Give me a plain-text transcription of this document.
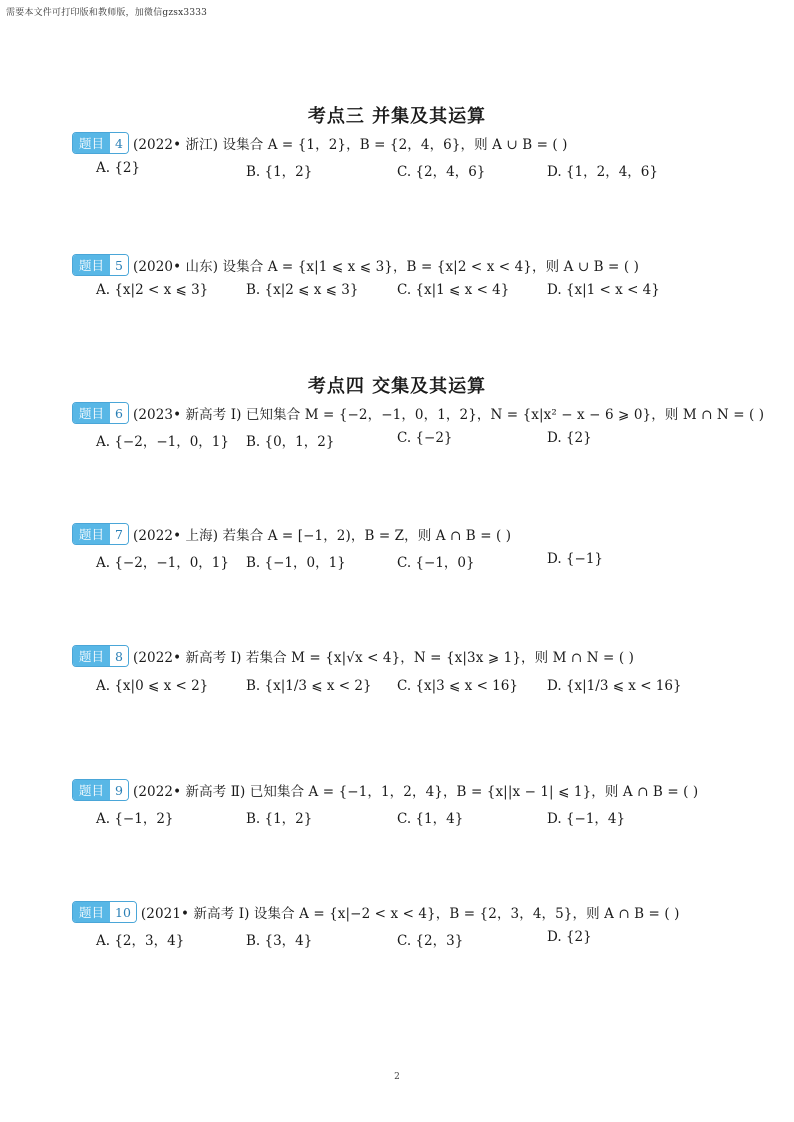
需要本文件可打印版和教师版，加微信gzsx3333
考点三 并集及其运算
题目 4 (2022• 浙江) 设集合 A = {1，2}，B = {2，4，6}，则 A ∪ B = ( )
A. {2}	B. {1，2}	C. {2，4，6}	D. {1，2，4，6}
题目 5 (2020• 山东) 设集合 A = {x|1 ⩽ x ⩽ 3}，B = {x|2 < x < 4}，则 A ∪ B = ( )
A. {x|2 < x ⩽ 3}	B. {x|2 ⩽ x ⩽ 3}	C. {x|1 ⩽ x < 4}	D. {x|1 < x < 4}
考点四 交集及其运算
题目 6 (2023• 新高考 Ⅰ) 已知集合 M = {−2，−1，0，1，2}，N = {x|x² − x − 6 ⩾ 0}，则 M ∩ N = ( )
A. {−2，−1，0，1} B. {0，1，2}	C. {−2}	D. {2}
题目 7 (2022• 上海) 若集合 A = [−1，2)，B = Z，则 A ∩ B = ( )
A. {−2，−1，0，1} B. {−1，0，1}	C. {−1，0}	D. {−1}
题目 8 (2022• 新高考 Ⅰ) 若集合 M = {x|√x < 4}，N = {x|3x ⩾ 1}，则 M ∩ N = ( )
A. {x|0 ⩽ x < 2}	B. {x|1/3 ⩽ x < 2} C. {x|3 ⩽ x < 16} D. {x|1/3 ⩽ x < 16}
题目 9 (2022• 新高考 Ⅱ) 已知集合 A = {−1，1，2，4}，B = {x||x − 1| ⩽ 1}，则 A ∩ B = ( )
A. {−1，2}	B. {1，2}	C. {1，4}	D. {−1，4}
题目 10 (2021• 新高考 Ⅰ) 设集合 A = {x|−2 < x < 4}，B = {2，3，4，5}，则 A ∩ B = ( )
A. {2，3，4}	B. {3，4}	C. {2，3}	D. {2}
2
